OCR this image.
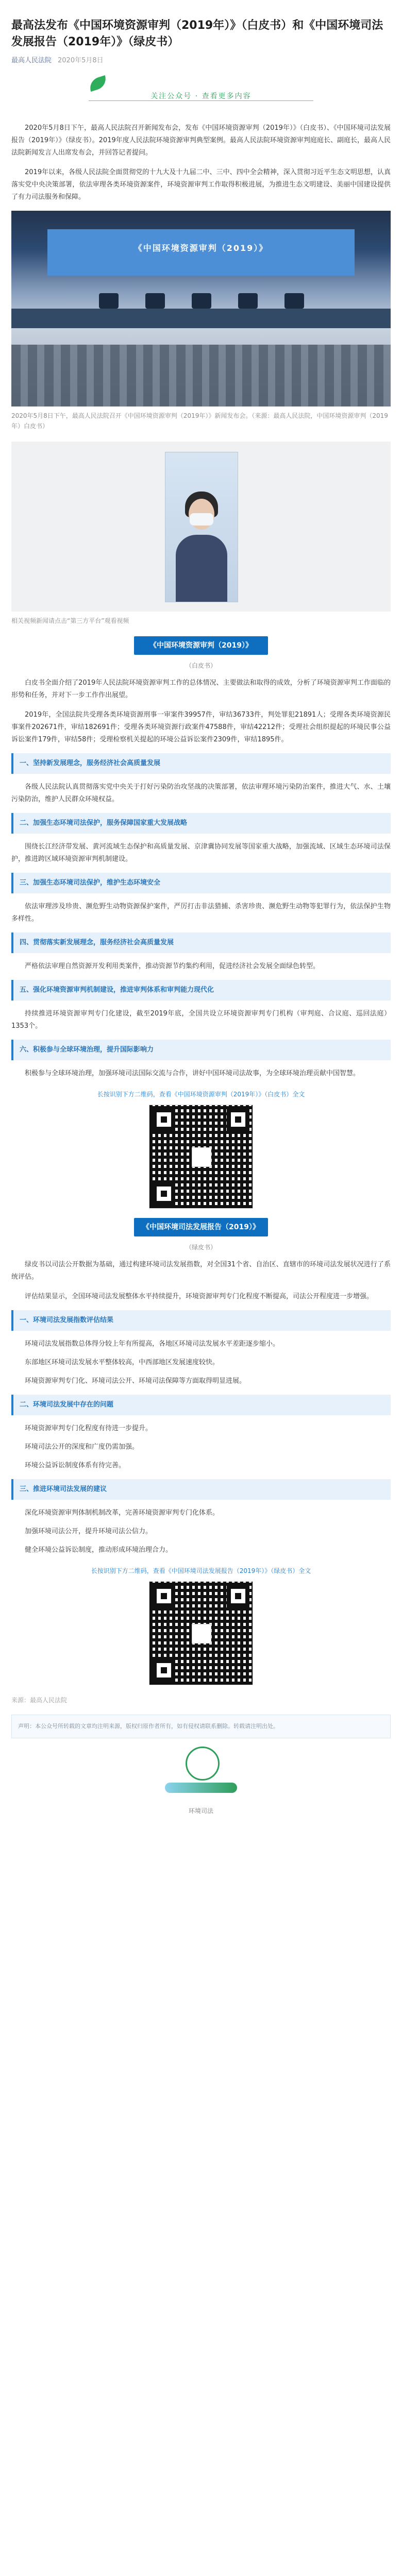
最高法发布《中国环境资源审判（2019年）》（白皮书）和《中国环境司法发展报告（2019年）》（绿皮书）
最高人民法院 2020年5月8日
关注公众号 · 查看更多内容

2020年5月8日下午，最高人民法院召开新闻发布会，发布《中国环境资源审判（2019年）》（白皮书）、《中国环境司法发展报告（2019年）》（绿皮书）。2019年度人民法院环境资源审判典型案例。最高人民法院环境资源审判庭庭长、副庭长，最高人民法院新闻发言人出席发布会，并回答记者提问。

2019年以来，各级人民法院全面贯彻党的十九大及十九届二中、三中、四中全会精神，深入贯彻习近平生态文明思想，认真落实党中央决策部署，依法审理各类环境资源案件，环境资源审判工作取得积极进展，为推进生态文明建设、美丽中国建设提供了有力司法服务和保障。

《中国环境资源审判（2019）》
2020年5月8日下午，最高人民法院召开《中国环境资源审判（2019年）》新闻发布会。（来源：最高人民法院，中国环境资源审判（2019年）白皮书）
相关视频新闻请点击“第三方平台”观看视频
《中国环境资源审判（2019）》
（白皮书）

白皮书全面介绍了2019年人民法院环境资源审判工作的总体情况、主要做法和取得的成效，分析了环境资源审判工作面临的形势和任务，并对下一步工作作出展望。

2019年，全国法院共受理各类环境资源刑事一审案件39957件，审结36733件，判处罪犯21891人；受理各类环境资源民事案件202671件，审结182691件；受理各类环境资源行政案件47588件，审结42212件；受理社会组织提起的环境民事公益诉讼案件179件，审结58件；受理检察机关提起的环境公益诉讼案件2309件，审结1895件。

一、坚持新发展理念，服务经济社会高质量发展

各级人民法院认真贯彻落实党中央关于打好污染防治攻坚战的决策部署，依法审理环境污染防治案件，推进大气、水、土壤污染防治，维护人民群众环境权益。

二、加强生态环境司法保护，服务保障国家重大发展战略

围绕长江经济带发展、黄河流域生态保护和高质量发展、京津冀协同发展等国家重大战略，加强流域、区域生态环境司法保护，推进跨区域环境资源审判机制建设。

三、加强生态环境司法保护，维护生态环境安全

依法审理涉及珍贵、濒危野生动物资源保护案件，严厉打击非法猎捕、杀害珍贵、濒危野生动物等犯罪行为，依法保护生物多样性。

四、贯彻落实新发展理念，服务经济社会高质量发展

严格依法审理自然资源开发利用类案件，推动资源节约集约利用，促进经济社会发展全面绿色转型。

五、强化环境资源审判机制建设，推进审判体系和审判能力现代化

持续推进环境资源审判专门化建设，截至2019年底，全国共设立环境资源审判专门机构（审判庭、合议庭、巡回法庭）1353个。

六、积极参与全球环境治理，提升国际影响力

积极参与全球环境治理，加强环境司法国际交流与合作，讲好中国环境司法故事，为全球环境治理贡献中国智慧。

长按识别下方二维码，查看《中国环境资源审判（2019年）》（白皮书）全文
《中国环境司法发展报告（2019）》
（绿皮书）

绿皮书以司法公开数据为基础，通过构建环境司法发展指数，对全国31个省、自治区、直辖市的环境司法发展状况进行了系统评估。

评估结果显示，全国环境司法发展整体水平持续提升，环境资源审判专门化程度不断提高，司法公开程度进一步增强。

一、环境司法发展指数评估结果

环境司法发展指数总体得分较上年有所提高，各地区环境司法发展水平差距逐步缩小。

东部地区环境司法发展水平整体较高，中西部地区发展速度较快。

环境资源审判专门化、环境司法公开、环境司法保障等方面取得明显进展。

二、环境司法发展中存在的问题

环境资源审判专门化程度有待进一步提升。

环境司法公开的深度和广度仍需加强。

环境公益诉讼制度体系有待完善。

三、推进环境司法发展的建议

深化环境资源审判体制机制改革，完善环境资源审判专门化体系。

加强环境司法公开，提升环境司法公信力。

健全环境公益诉讼制度，推动形成环境治理合力。

长按识别下方二维码，查看《中国环境司法发展报告（2019年）》（绿皮书）全文
来源：最高人民法院
声明：本公众号所转载的文章均注明来源，版权归原作者所有，如有侵权请联系删除。转载请注明出处。
环境司法
